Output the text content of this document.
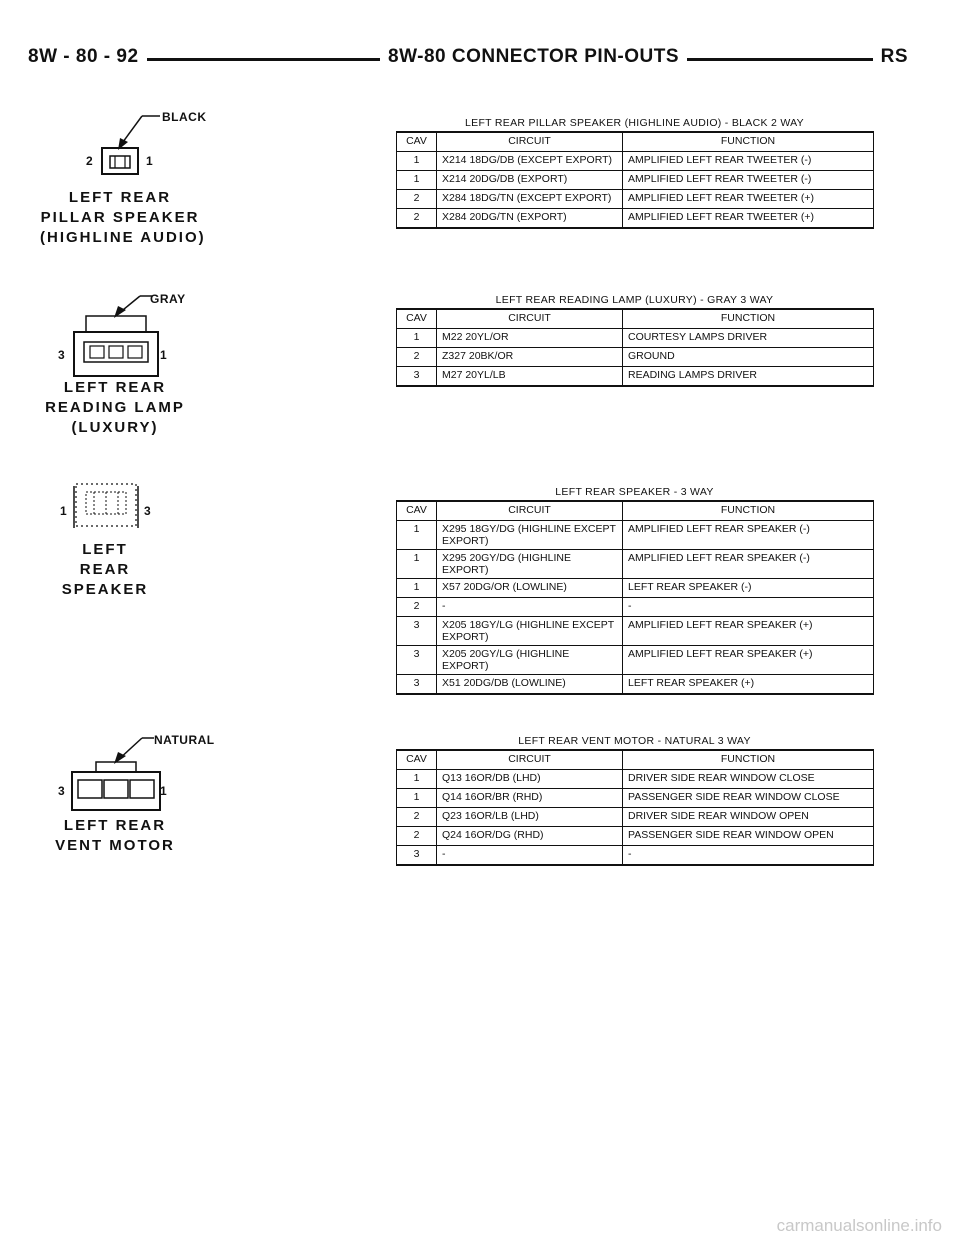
8W - 80 - 92	8W-80 CONNECTOR PIN-OUTS	RS
BLACK
2	1
LEFT REAR
PILLAR SPEAKER
(HIGHLINE AUDIO)
GRAY
3	1
LEFT REAR
READING LAMP
(LUXURY)
1	3
LEFT
REAR
SPEAKER
NATURAL
3	1
LEFT REAR
VENT MOTOR
LEFT REAR PILLAR SPEAKER (HIGHLINE AUDIO) - BLACK 2 WAY
CAV	CIRCUIT	FUNCTION
1	X214 18DG/DB (EXCEPT EXPORT)	AMPLIFIED LEFT REAR TWEETER (-)
1	X214 20DG/DB (EXPORT)	AMPLIFIED LEFT REAR TWEETER (-)
2	X284 18DG/TN (EXCEPT EXPORT)	AMPLIFIED LEFT REAR TWEETER (+)
2	X284 20DG/TN (EXPORT)	AMPLIFIED LEFT REAR TWEETER (+)
LEFT REAR READING LAMP (LUXURY) - GRAY 3 WAY
CAV	CIRCUIT	FUNCTION
1	M22 20YL/OR	COURTESY LAMPS DRIVER
2	Z327 20BK/OR	GROUND
3	M27 20YL/LB	READING LAMPS DRIVER
LEFT REAR SPEAKER - 3 WAY
CAV	CIRCUIT	FUNCTION
1	X295 18GY/DG (HIGHLINE EXCEPT EXPORT)	AMPLIFIED LEFT REAR SPEAKER (-)
1	X295 20GY/DG (HIGHLINE EXPORT)	AMPLIFIED LEFT REAR SPEAKER (-)
1	X57 20DG/OR (LOWLINE)	LEFT REAR SPEAKER (-)
2	-	-
3	X205 18GY/LG (HIGHLINE EXCEPT EXPORT)	AMPLIFIED LEFT REAR SPEAKER (+)
3	X205 20GY/LG (HIGHLINE EXPORT)	AMPLIFIED LEFT REAR SPEAKER (+)
3	X51 20DG/DB (LOWLINE)	LEFT REAR SPEAKER (+)
LEFT REAR VENT MOTOR - NATURAL 3 WAY
CAV	CIRCUIT	FUNCTION
1	Q13 16OR/DB (LHD)	DRIVER SIDE REAR WINDOW CLOSE
1	Q14 16OR/BR (RHD)	PASSENGER SIDE REAR WINDOW CLOSE
2	Q23 16OR/LB (LHD)	DRIVER SIDE REAR WINDOW OPEN
2	Q24 16OR/DG (RHD)	PASSENGER SIDE REAR WINDOW OPEN
3	-	-
carmanualsonline.info
